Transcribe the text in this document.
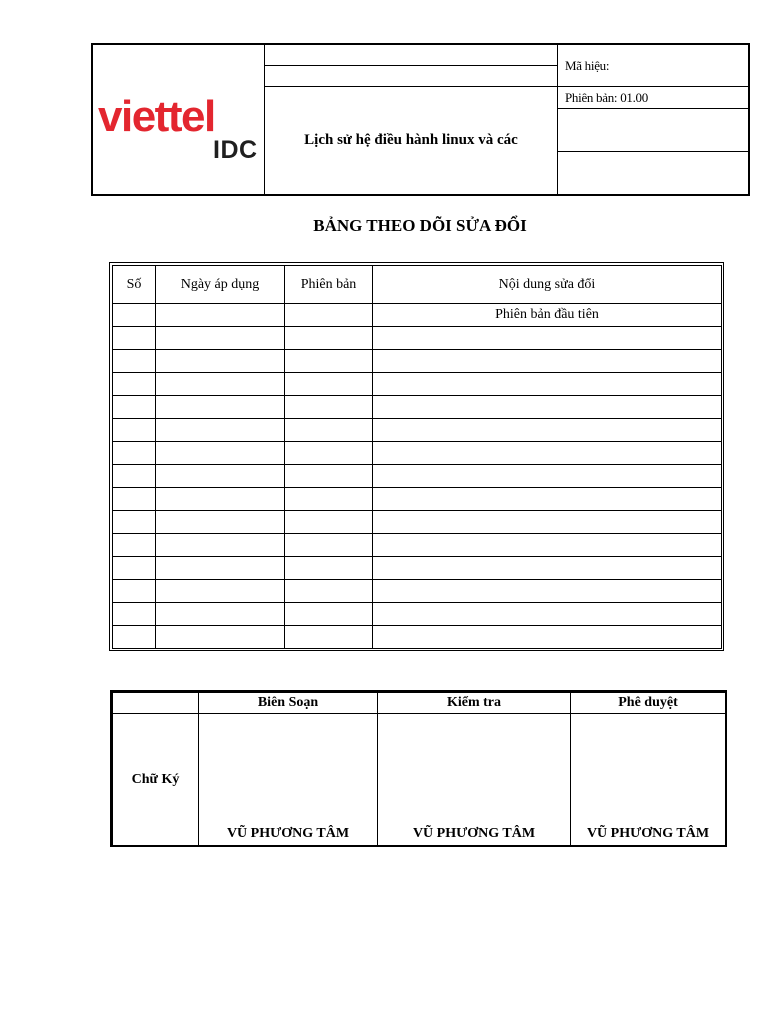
viettel
IDC	Lịch sử hệ điều hành linux và các
Mã hiệu:
Phiên bản: 01.00
BẢNG THEO DÕI SỬA ĐỔI
Số	Ngày áp dụng	Phiên bản	Nội dung sửa đổi
			Phiên bản đầu tiên

	Biên Soạn	Kiểm tra	Phê duyệt
Chữ Ký	VŨ PHƯƠNG TÂM	VŨ PHƯƠNG TÂM	VŨ PHƯƠNG TÂM
